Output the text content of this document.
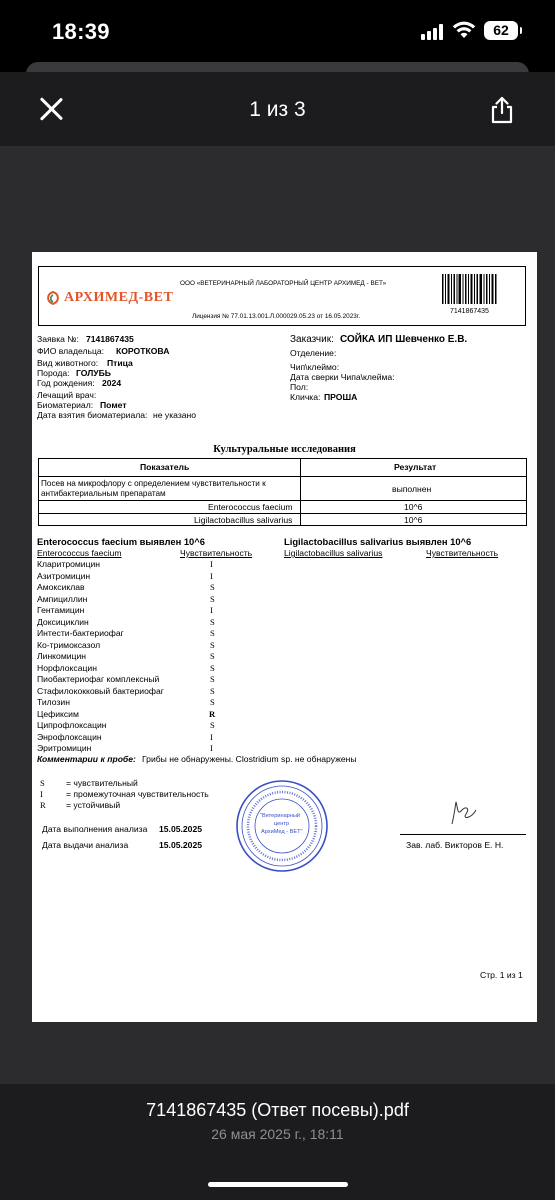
18:39	62
1 из 3
АРХИМЕД-ВЕТ
ООО «ВЕТЕРИНАРНЫЙ ЛАБОРАТОРНЫЙ ЦЕНТР АРХИМЕД - ВЕТ»
Лицензия № 77.01.13.001.Л.000029.05.23 от 16.05.2023г.
7141867435
Заявка №: 7141867435
ФИО владельца: КОРОТКОВА
Вид животного: Птица
Порода: ГОЛУБЬ
Год рождения: 2024
Лечащий врач:
Биоматериал: Помет
Дата взятия биоматериала: не указано
Заказчик: СОЙКА ИП Шевченко Е.В.
Отделение:
Чип\клеймо:
Дата сверки Чипа\клейма:
Пол:
Кличка: ПРОША
Культуральные исследования
Показатель	Результат
Посев на микрофлору с определением чувствительности к
антибактериальным препаратам	выполнен
Enterococcus faecium	10^6
Ligilactobacillus salivarius	10^6
Enterococcus faecium выявлен 10^6
Enterococcus faecium	Чувствительность
Ligilactobacillus salivarius выявлен 10^6
Ligilactobacillus salivarius	Чувствительность
Кларитромицин	I
Азитромицин	I
Амоксиклав	S
Ампициллин	S
Гентамицин	I
Доксициклин	S
Интести-бактериофаг	S
Ко-тримоксазол	S
Линкомицин	S
Норфлоксацин	S
Пиобактериофаг комплексный	S
Стафилококковый бактериофаг	S
Тилозин	S
Цефиксим	R
Ципрофлоксацин	S
Энрофлоксацин	I
Эритромицин	I
Комментарии к пробе: Грибы не обнаружены. Clostridium sp. не обнаружены
S = чувствительный
I	= промежуточная чувствительность
R = устойчивый
Дата выполнения анализа 15.05.2025
Дата выдачи анализа	15.05.2025
"Ветеринарный
центр
АрхиМед - ВЕТ"
Зав. лаб. Викторов Е. Н.
Стр. 1 из 1
7141867435 (Ответ посевы).pdf
26 мая 2025 г., 18:11
